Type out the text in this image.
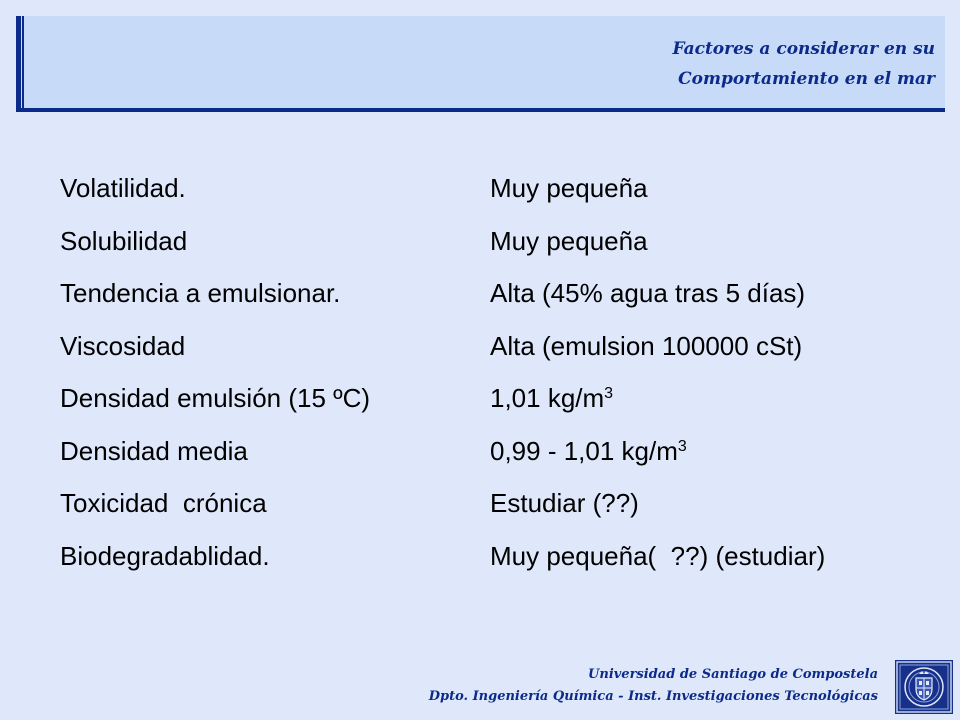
Factores a considerar en su
Comportamiento en el mar
Volatilidad.	Muy pequeña
Solubilidad	Muy pequeña
Tendencia a emulsionar.	Alta (45% agua tras 5 días)
Viscosidad	Alta (emulsion 100000 cSt)
Densidad emulsión (15 ºC)	1,01 $kg/m^3$
Densidad media	0,99 - 1,01 $kg/m^3$
Toxicidad  crónica	Estudiar (??)
Biodegradablidad.	Muy pequeña(  ??) (estudiar)
Universidad de Santiago de Compostela
Dpto. Ingeniería Química - Inst. Investigaciones Tecnológicas
